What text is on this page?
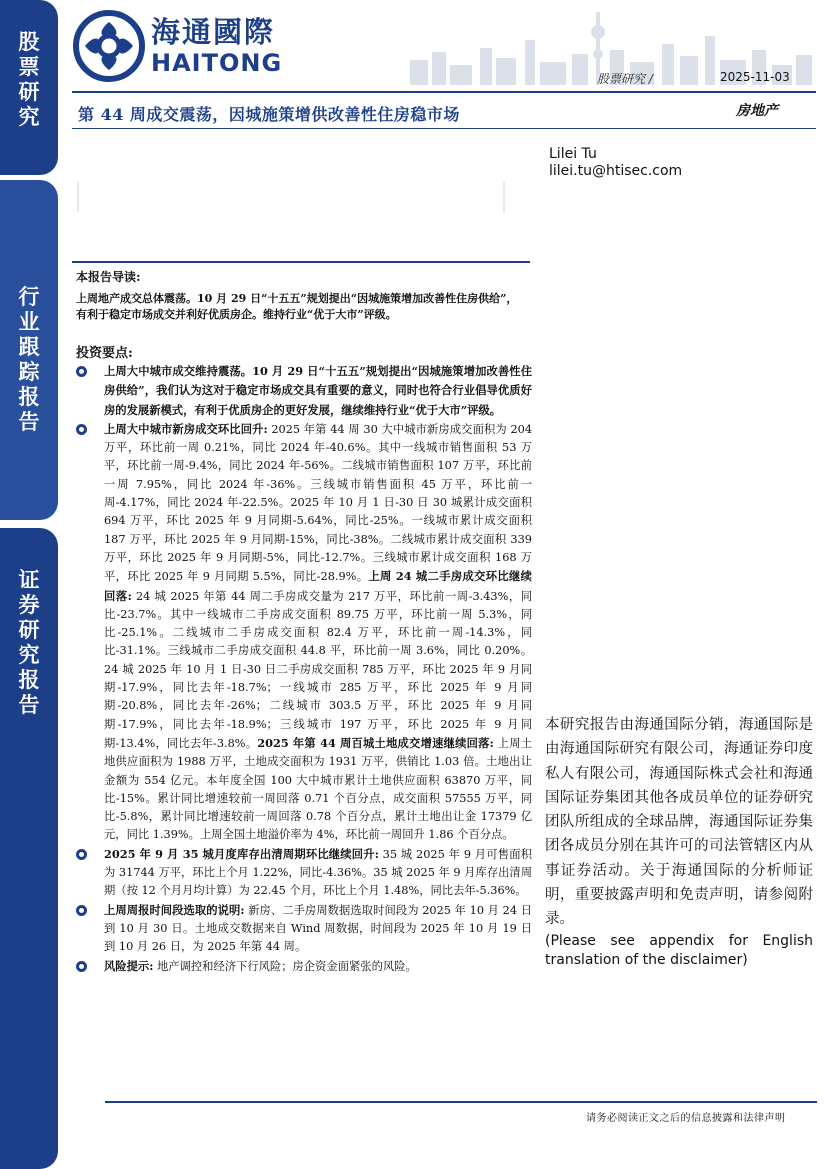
股
票
研
究
行
业
跟
踪
报
告
证
券
研
究
报
告
海通國際
HAITONG
股票研究 /	2025-11-03
第 44 周成交震荡，因城施策增供改善性住房稳市场	房地产
Lilei Tu
lilei.tu@htisec.com
本报告导读:
上周地产成交总体震荡。10 月 29 日“十五五”规划提出“因城施策增加改善性住房供给”，有利于稳定市场成交并利好优质房企。维持行业“优于大市”评级。
投资要点:
上周大中城市成交维持震荡。10 月 29 日“十五五”规划提出“因城施策增加改善性住房供给”，我们认为这对于稳定市场成交具有重要的意义，同时也符合行业倡导优质好房的发展新模式，有利于优质房企的更好发展，继续维持行业“优于大市”评级。
上周大中城市新房成交环比回升: 2025 年第 44 周 30 大中城市新房成交面积为 204 万平，环比前一周 0.21%，同比 2024 年-40.6%。其中一线城市销售面积 53 万平，环比前一周-9.4%，同比 2024 年-56%。二线城市销售面积 107 万平，环比前一周 7.95%，同比 2024 年-36%。三线城市销售面积 45 万平，环比前一周-4.17%，同比 2024 年-22.5%。2025 年 10 月 1 日-30 日 30 城累计成交面积 694 万平，环比 2025 年 9 月同期-5.64%，同比-25%。一线城市累计成交面积 187 万平，环比 2025 年 9 月同期-15%，同比-38%。二线城市累计成交面积 339 万平，环比 2025 年 9 月同期-5%，同比-12.7%。三线城市累计成交面积 168 万平，环比 2025 年 9 月同期 5.5%，同比-28.9%。上周 24 城二手房成交环比继续回落: 24 城 2025 年第 44 周二手房成交量为 217 万平，环比前一周-3.43%，同比-23.7%。其中一线城市二手房成交面积 89.75 万平，环比前一周 5.3%，同比-25.1%。二线城市二手房成交面积 82.4 万平，环比前一周-14.3%，同比-31.1%。三线城市二手房成交面积 44.8 平，环比前一周 3.6%，同比 0.20%。24 城 2025 年 10 月 1 日-30 日二手房成交面积 785 万平，环比 2025 年 9 月同期-17.9%，同比去年-18.7%；一线城市 285 万平，环比 2025 年 9 月同期-20.8%，同比去年-26%；二线城市 303.5 万平，环比 2025 年 9 月同期-17.9%，同比去年-18.9%；三线城市 197 万平，环比 2025 年 9 月同期-13.4%，同比去年-3.8%。2025 年第 44 周百城土地成交增速继续回落: 上周土地供应面积为 1988 万平，土地成交面积为 1931 万平，供销比 1.03 倍。土地出让金额为 554 亿元。本年度全国 100 大中城市累计土地供应面积 63870 万平，同比-15%。累计同比增速较前一周回落 0.71 个百分点，成交面积 57555 万平，同比-5.8%，累计同比增速较前一周回落 0.78 个百分点，累计土地出让金 17379 亿元，同比 1.39%。上周全国土地溢价率为 4%，环比前一周回升 1.86 个百分点。
2025 年 9 月 35 城月度库存出清周期环比继续回升: 35 城 2025 年 9 月可售面积为 31744 万平，环比上个月 1.22%，同比-4.36%。35 城 2025 年 9 月库存出清周期（按 12 个月月均计算）为 22.45 个月，环比上个月 1.48%，同比去年-5.36%。
上周周报时间段选取的说明: 新房、二手房周数据选取时间段为 2025 年 10 月 24 日到 10 月 30 日。土地成交数据来自 Wind 周数据，时间段为 2025 年 10 月 19 日到 10 月 26 日，为 2025 年第 44 周。
风险提示: 地产调控和经济下行风险；房企资金面紧张的风险。
本研究报告由海通国际分销，海通国际是由海通国际研究有限公司，海通证券印度私人有限公司，海通国际株式会社和海通国际证券集团其他各成员单位的证券研究团队所组成的全球品牌，海通国际证券集团各成员分别在其许可的司法管辖区内从事证券活动。关于海通国际的分析师证明，重要披露声明和免责声明，请参阅附录。
(Please see appendix for English translation of the disclaimer)
请务必阅读正文之后的信息披露和法律声明
